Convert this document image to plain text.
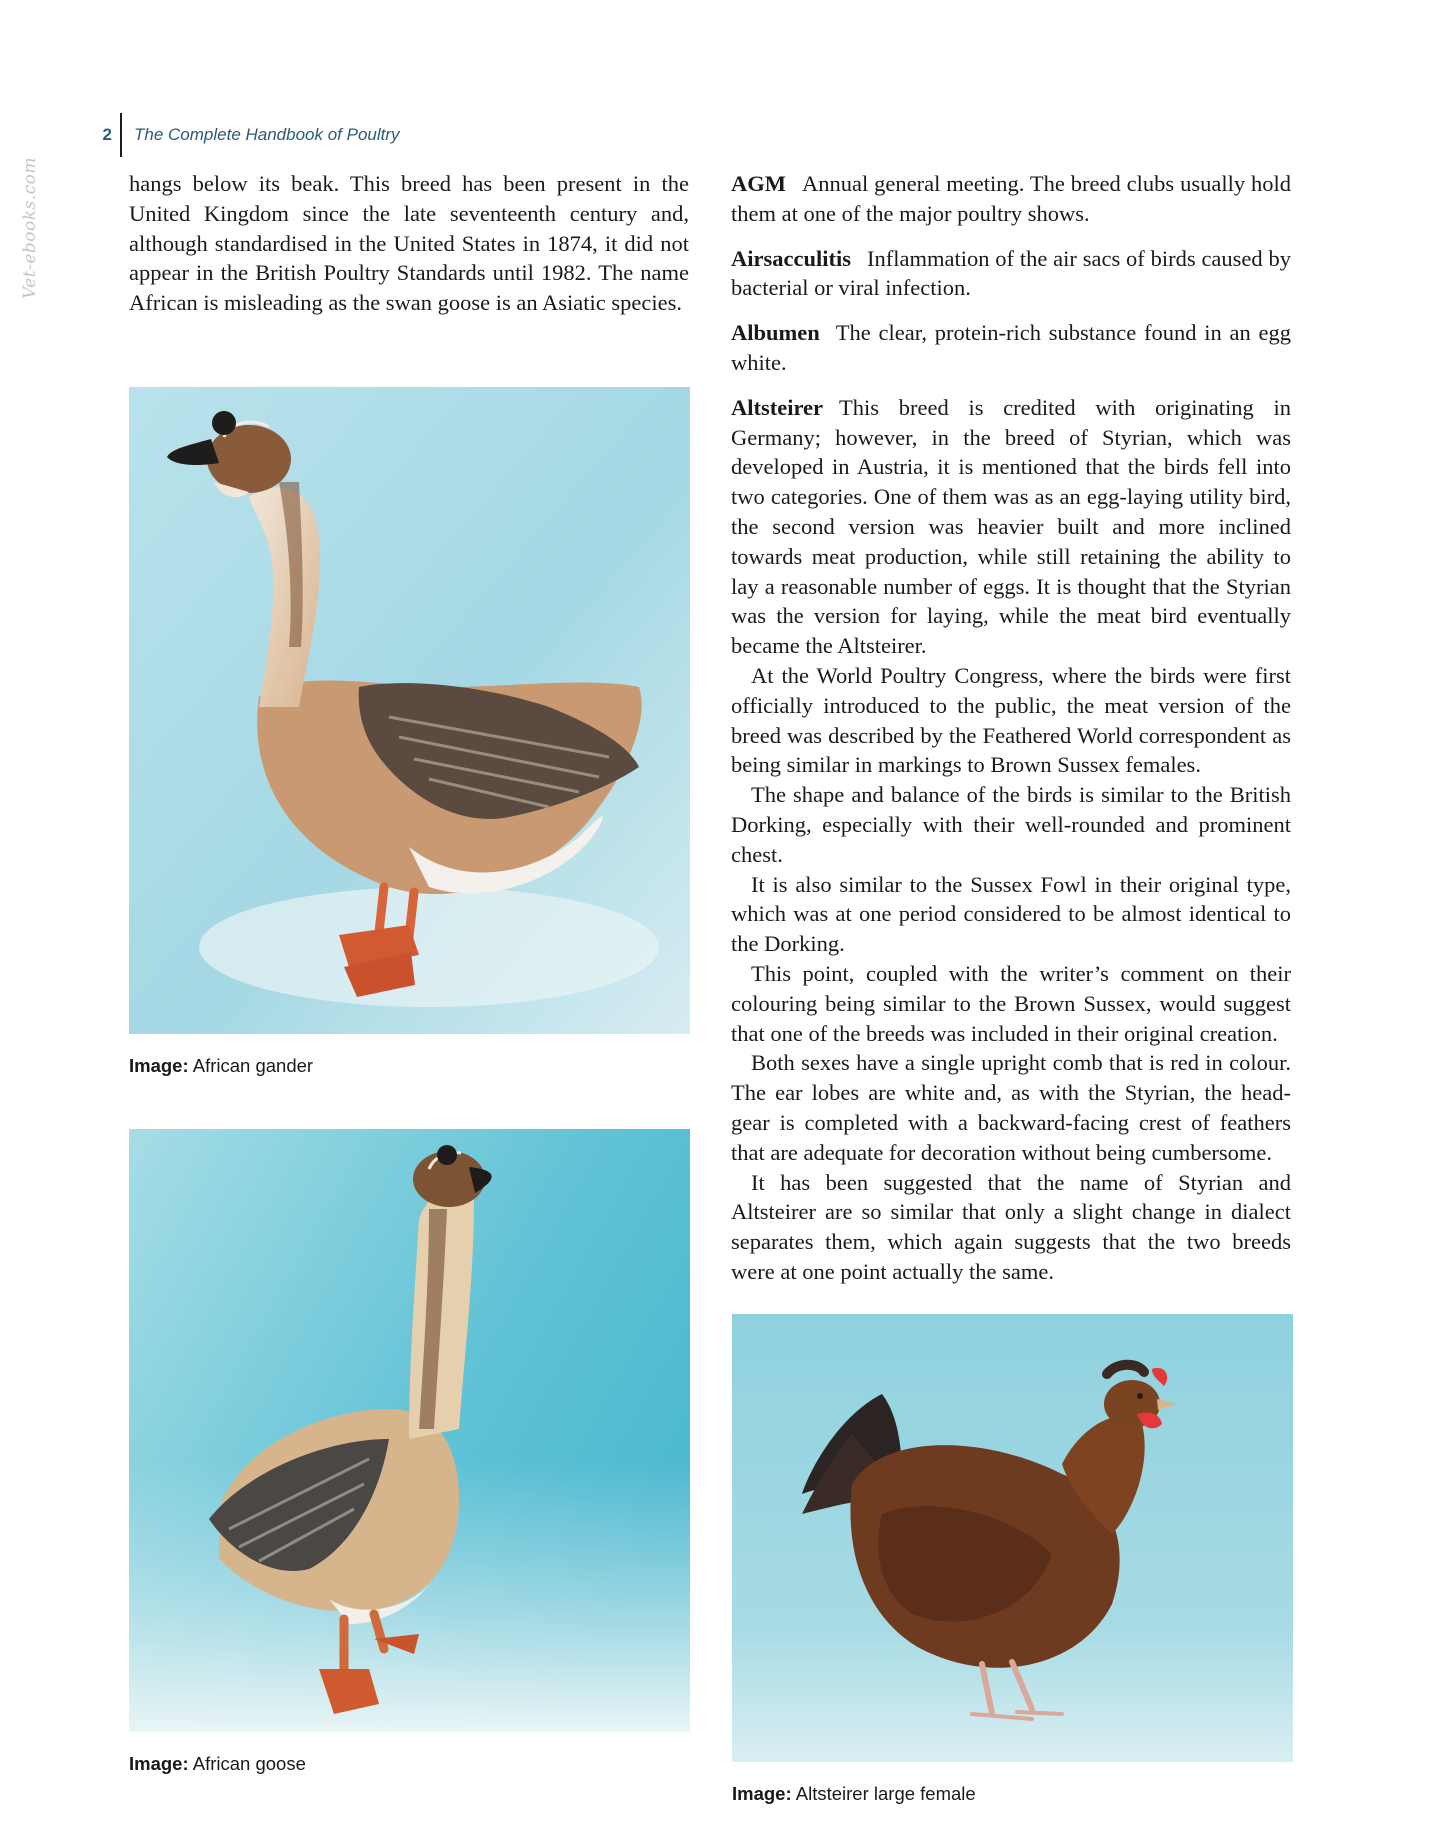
Vet-ebooks.com
2 The Complete Handbook of Poultry

hangs below its beak. This breed has been present in the United Kingdom since the late seventeenth century and, although standardised in the United States in 1874, it did not appear in the British Poultry Standards until 1982. The name African is misleading as the swan goose is an Asiatic species.

AGM Annual general meeting. The breed clubs usually hold them at one of the major poultry shows.

Airsacculitis Inflammation of the air sacs of birds caused by bacterial or viral infection.

Albumen The clear, protein-rich substance found in an egg white.

Altsteirer This breed is credited with originating in Germany; however, in the breed of Styrian, which was developed in Austria, it is mentioned that the birds fell into two categories. One of them was as an egg-laying utility bird, the second version was heavier built and more inclined towards meat production, while still retaining the ability to lay a reasonable number of eggs. It is thought that the Styrian was the version for laying, while the meat bird eventually became the Altsteirer.

At the World Poultry Congress, where the birds were first officially introduced to the public, the meat version of the breed was described by the Feathered World correspondent as being similar in markings to Brown Sussex females.

The shape and balance of the birds is similar to the British Dorking, especially with their well-rounded and prominent chest.

It is also similar to the Sussex Fowl in their original type, which was at one period considered to be almost identical to the Dorking.

This point, coupled with the writer’s comment on their colouring being similar to the Brown Sussex, would suggest that one of the breeds was included in their original creation.

Both sexes have a single upright comb that is red in colour. The ear lobes are white and, as with the Styrian, the head-gear is completed with a backward-facing crest of feathers that are adequate for decoration without being cumbersome.

It has been suggested that the name of Styrian and Altsteirer are so similar that only a slight change in dialect separates them, which again suggests that the two breeds were at one point actually the same.

Image: African gander
Image: African goose
Image: Altsteirer large female
